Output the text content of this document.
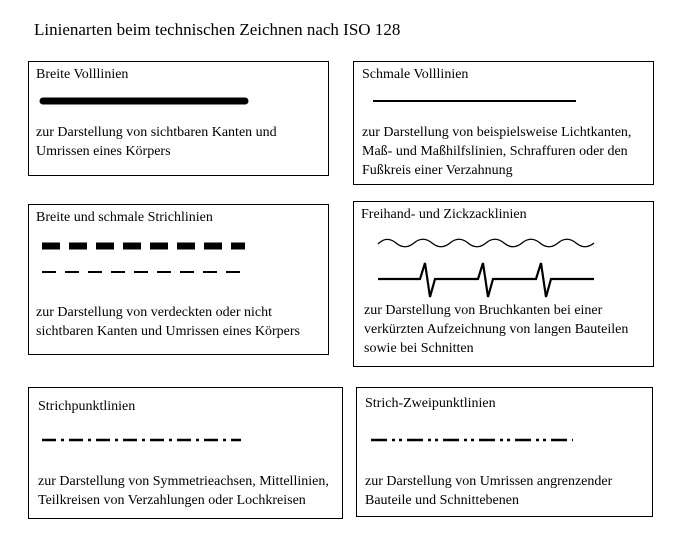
Linienarten beim technischen Zeichnen nach ISO 128
Breite Volllinien
zur Darstellung von sichtbaren Kanten und
Umrissen eines Körpers
Schmale Volllinien
zur Darstellung von beispielsweise Lichtkanten,
Maß- und Maßhilfslinien, Schraffuren oder den
Fußkreis einer Verzahnung
Breite und schmale Strichlinien
zur Darstellung von verdeckten oder nicht
sichtbaren Kanten und Umrissen eines Körpers
Freihand- und Zickzacklinien
zur Darstellung von Bruchkanten bei einer
verkürzten Aufzeichnung von langen Bauteilen
sowie bei Schnitten
Strichpunktlinien
zur Darstellung von Symmetrieachsen, Mittellinien,
Teilkreisen von Verzahlungen oder Lochkreisen
Strich-Zweipunktlinien
zur Darstellung von Umrissen angrenzender
Bauteile und Schnittebenen
